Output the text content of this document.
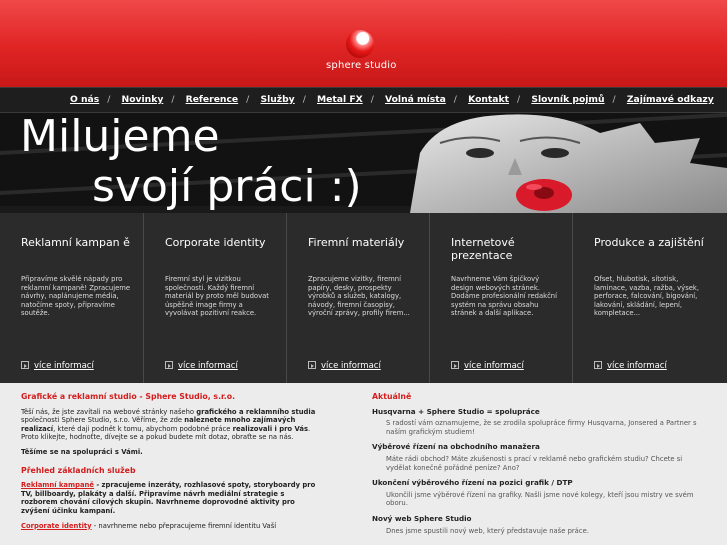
sphere studio
O nás / Novinky / Reference / Služby / Metal FX / Volná místa / Kontakt / Slovník pojmů / Zajímavé odkazy
Milujeme
svojí práci :)
Reklamní kampan ě
Připravíme skvělé nápady pro reklamní kampaně! Zpracujeme návrhy, naplánujeme média, natočíme spoty, připravíme soutěže.
více informací
Corporate identity
Firemní styl je vizitkou společnosti. Každý firemní materiál by proto měl budovat úspěšně image firmy a vyvolávat pozitivní reakce.
více informací
Firemní materiály
Zpracujeme vizitky, firemní papíry, desky, prospekty výrobků a služeb, katalogy, návody, firemní časopisy, výroční zprávy, profily firem...
více informací
Internetové prezentace
Navrhneme Vám špičkový design webových stránek. Dodáme profesionální redakční systém na správu obsahu stránek a další aplikace.
více informací
Produkce a zajištění
Ofset, hlubotisk, sítotisk, laminace, vazba, ražba, výsek, perforace, falcování, bigování, lakování, skládání, lepení, kompletace...
více informací
Grafické a reklamní studio - Sphere Studio, s.r.o.

Těší nás, že jste zavítali na webové stránky našeho grafického a reklamního studia společnosti Sphere Studio, s.r.o. Věříme, že zde naleznete mnoho zajímavých realizací, které daji podnět k tomu, abychom podobné práce realizovali i pro Vás. Proto klikejte, hodnoťte, dívejte se a pokud budete mít dotaz, obraťte se na nás.

Těšíme se na spolupráci s Vámi.

Přehled základních služeb

Reklamní kampaně - zpracujeme inzeráty, rozhlasové spoty, storyboardy pro TV, billboardy, plakáty a další. Připravíme návrh mediální strategie s rozborem chování cílových skupin. Navrhneme doprovodné aktivity pro zvýšení účinku kampaní.

Corporate identity - navrhneme nebo přepracujeme firemní identitu Vaší

Aktuálně
Husqvarna + Sphere Studio = spolupráce
S radostí vám oznamujeme, že se zrodila spolupráce firmy Husqvarna, Jonsered a Partner s naším grafickým studiem!
Výběrové řízení na obchodního manažera
Máte rádi obchod? Máte zkušenosti s prací v reklamě nebo grafickém studiu? Chcete si vydělat konečně pořádné peníze? Ano?
Ukončení výběrového řízení na pozici grafik / DTP
Ukončili jsme výběrové řízení na grafiky. Našli jsme nové kolegy, kteří jsou mistry ve svém oboru.
Nový web Sphere Studio
Dnes jsme spustili nový web, který představuje naše práce.
